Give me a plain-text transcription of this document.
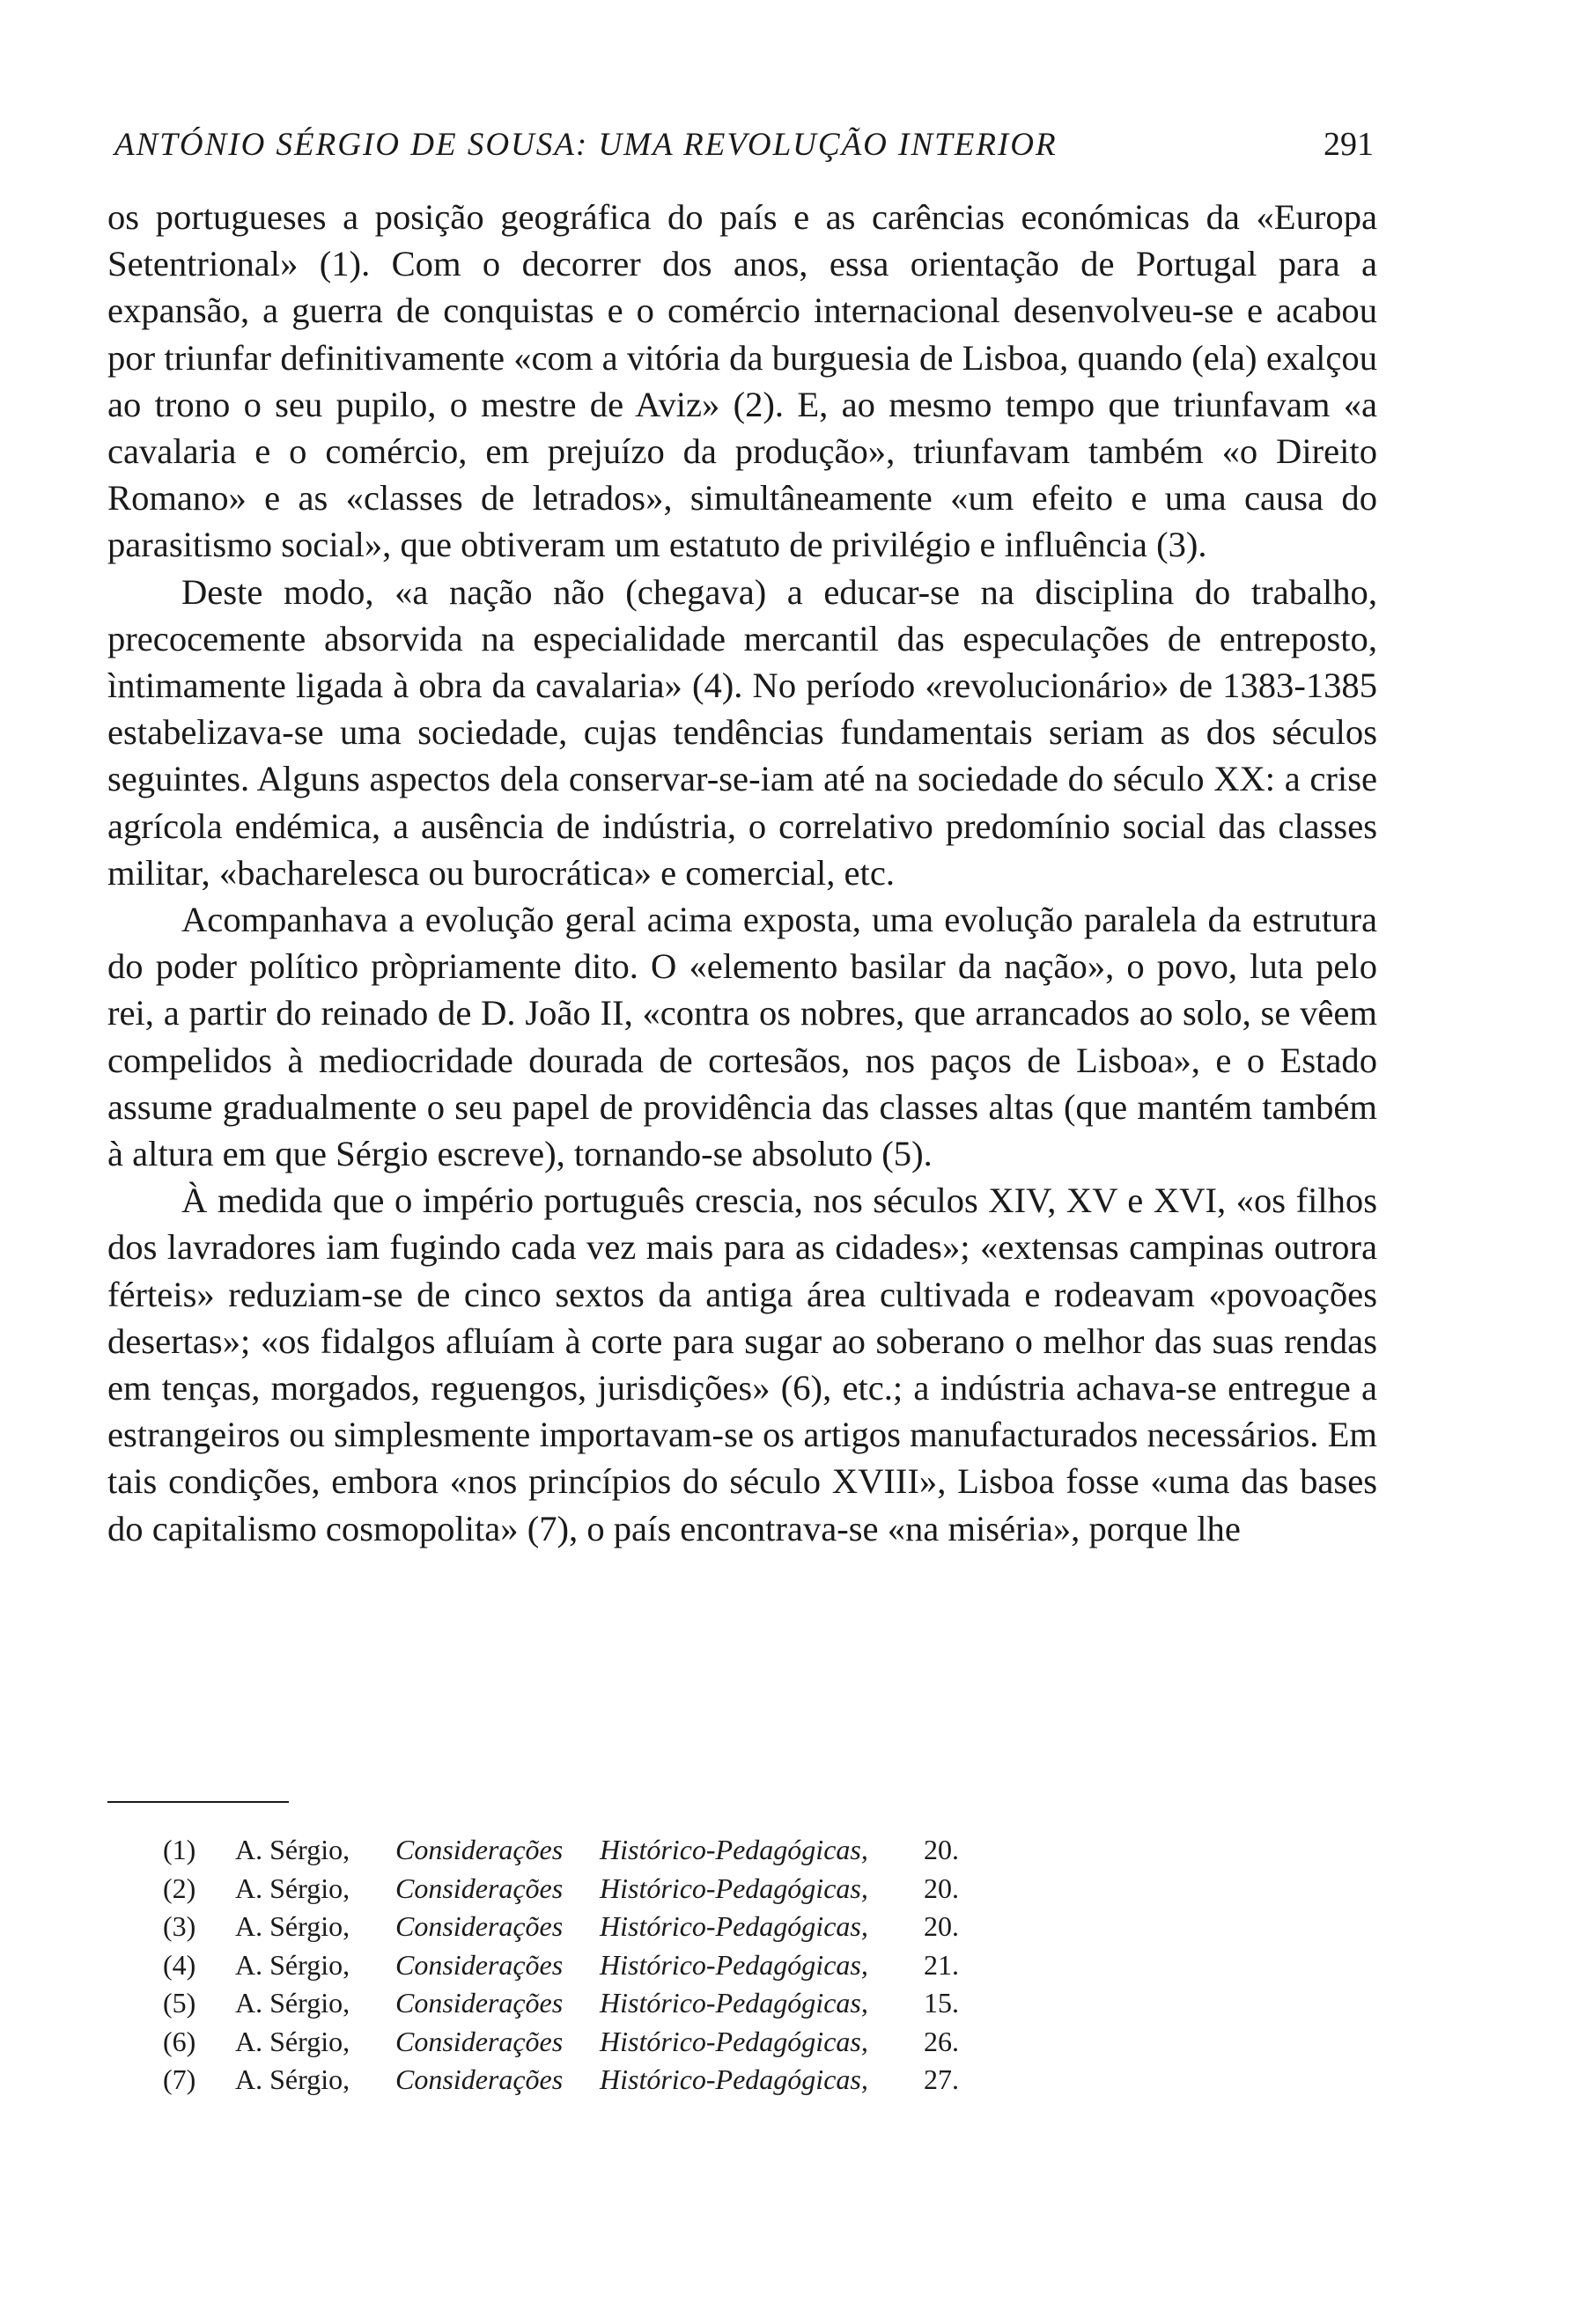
ANTÓNIO SÉRGIO DE SOUSA: UMA REVOLUÇÃO INTERIOR	291

os portugueses a posição geográfica do país e as carências económicas da «Europa Setentrional» (1). Com o decorrer dos anos, essa orientação de Portugal para a expansão, a guerra de conquistas e o comércio internacional desenvolveu-se e acabou por triunfar definitivamente «com a vitória da burguesia de Lisboa, quando (ela) exalçou ao trono o seu pupilo, o mestre de Aviz» (2). E, ao mesmo tempo que triunfavam «a cavalaria e o comércio, em prejuízo da produção», triunfavam também «o Direito Romano» e as «classes de letrados», simultâneamente «um efeito e uma causa do parasitismo social», que obtiveram um estatuto de privilégio e influência (3).

Deste modo, «a nação não (chegava) a educar-se na disciplina do trabalho, precocemente absorvida na especialidade mercantil das especulações de entreposto, ìntimamente ligada à obra da cavalaria» (4). No período «revolucionário» de 1383-1385 estabelizava-se uma sociedade, cujas tendências fundamentais seriam as dos séculos seguintes. Alguns aspectos dela conservar-se-iam até na sociedade do século XX: a crise agrícola endémica, a ausência de indústria, o correlativo predomínio social das classes militar, «bacharelesca ou burocrática» e comercial, etc.

Acompanhava a evolução geral acima exposta, uma evolução paralela da estrutura do poder político pròpriamente dito. O «elemento basilar da nação», o povo, luta pelo rei, a partir do reinado de D. João II, «contra os nobres, que arrancados ao solo, se vêem compelidos à mediocridade dourada de cortesãos, nos paços de Lisboa», e o Estado assume gradualmente o seu papel de providência das classes altas (que mantém também à altura em que Sérgio escreve), tornando-se absoluto (5).

À medida que o império português crescia, nos séculos XIV, XV e XVI, «os filhos dos lavradores iam fugindo cada vez mais para as cidades»; «extensas campinas outrora férteis» reduziam-se de cinco sextos da antiga área cultivada e rodeavam «povoações desertas»; «os fidalgos afluíam à corte para sugar ao soberano o melhor das suas rendas em tenças, morgados, reguengos, jurisdições» (6), etc.; a indústria achava-se entregue a estrangeiros ou simplesmente importavam-se os artigos manufacturados necessários. Em tais condições, embora «nos princípios do século XVIII», Lisboa fosse «uma das bases do capitalismo cosmopolita» (7), o país encontrava-se «na miséria», porque lhe

(1)	A. Sérgio,	Considerações	Histórico-Pedagógicas,	20.
(2)	A. Sérgio,	Considerações	Histórico-Pedagógicas,	20.
(3)	A. Sérgio,	Considerações	Histórico-Pedagógicas,	20.
(4)	A. Sérgio,	Considerações	Histórico-Pedagógicas,	21.
(5)	A. Sérgio,	Considerações	Histórico-Pedagógicas,	15.
(6)	A. Sérgio,	Considerações	Histórico-Pedagógicas,	26.
(7)	A. Sérgio,	Considerações	Histórico-Pedagógicas,	27.
